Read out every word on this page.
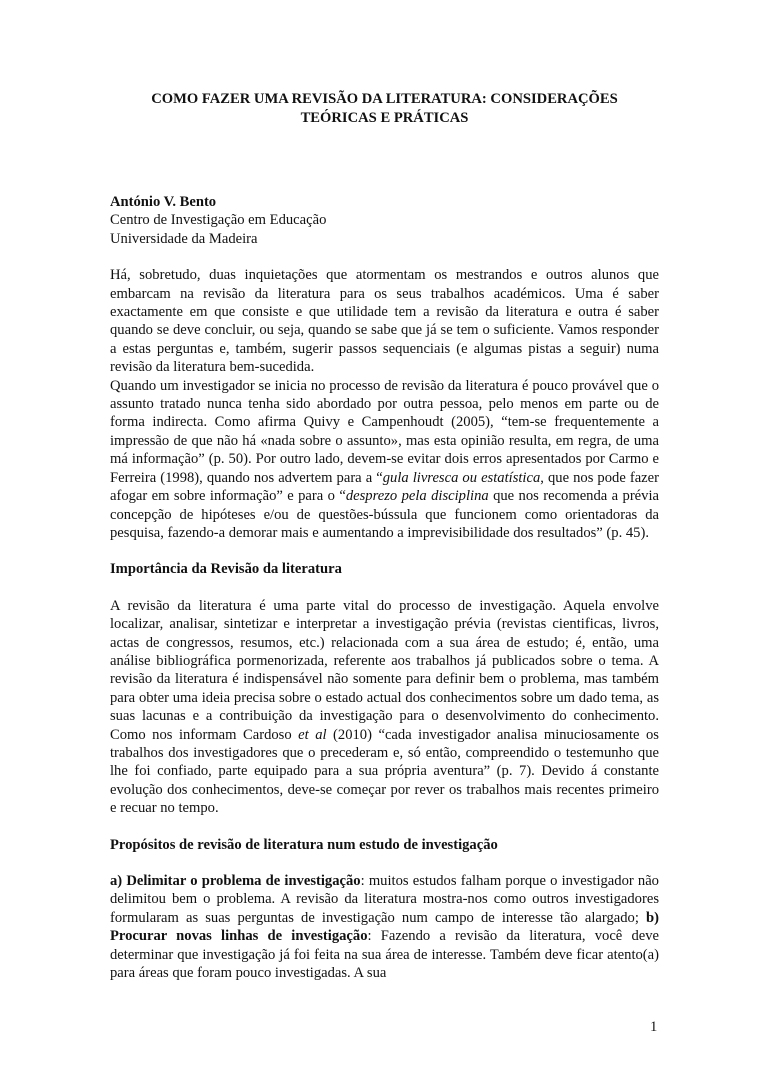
COMO FAZER UMA REVISÃO DA LITERATURA: CONSIDERAÇÕES
TEÓRICAS E PRÁTICAS
António V. Bento
Centro de Investigação em Educação
Universidade da Madeira

Há, sobretudo, duas inquietações que atormentam os mestrandos e outros alunos que embarcam na revisão da literatura para os seus trabalhos académicos. Uma é saber exactamente em que consiste e que utilidade tem a revisão da literatura e outra é saber quando se deve concluir, ou seja, quando se sabe que já se tem o suficiente. Vamos responder a estas perguntas e, também, sugerir passos sequenciais (e algumas pistas a seguir) numa revisão da literatura bem-sucedida.

Quando um investigador se inicia no processo de revisão da literatura é pouco provável que o assunto tratado nunca tenha sido abordado por outra pessoa, pelo menos em parte ou de forma indirecta. Como afirma Quivy e Campenhoudt (2005), “tem-se frequentemente a impressão de que não há «nada sobre o assunto», mas esta opinião resulta, em regra, de uma má informação” (p. 50). Por outro lado, devem-se evitar dois erros apresentados por Carmo e Ferreira (1998), quando nos advertem para a “gula livresca ou estatística, que nos pode fazer afogar em sobre informação” e para o “desprezo pela disciplina que nos recomenda a prévia concepção de hipóteses e/ou de questões-bússula que funcionem como orientadoras da pesquisa, fazendo-a demorar mais e aumentando a imprevisibilidade dos resultados” (p. 45).

Importância da Revisão da literatura

A revisão da literatura é uma parte vital do processo de investigação. Aquela envolve localizar, analisar, sintetizar e interpretar a investigação prévia (revistas cientificas, livros, actas de congressos, resumos, etc.) relacionada com a sua área de estudo; é, então, uma análise bibliográfica pormenorizada, referente aos trabalhos já publicados sobre o tema. A revisão da literatura é indispensável não somente para definir bem o problema, mas também para obter uma ideia precisa sobre o estado actual dos conhecimentos sobre um dado tema, as suas lacunas e a contribuição da investigação para o desenvolvimento do conhecimento. Como nos informam Cardoso et al (2010) “cada investigador analisa minuciosamente os trabalhos dos investigadores que o precederam e, só então, compreendido o testemunho que lhe foi confiado, parte equipado para a sua própria aventura” (p. 7). Devido á constante evolução dos conhecimentos, deve-se começar por rever os trabalhos mais recentes primeiro e recuar no tempo.

Propósitos de revisão de literatura num estudo de investigação

a) Delimitar o problema de investigação: muitos estudos falham porque o investigador não delimitou bem o problema. A revisão da literatura mostra-nos como outros investigadores formularam as suas perguntas de investigação num campo de interesse tão alargado; b) Procurar novas linhas de investigação: Fazendo a revisão da literatura, você deve determinar que investigação já foi feita na sua área de interesse. Também deve ficar atento(a) para áreas que foram pouco investigadas. A sua

1
